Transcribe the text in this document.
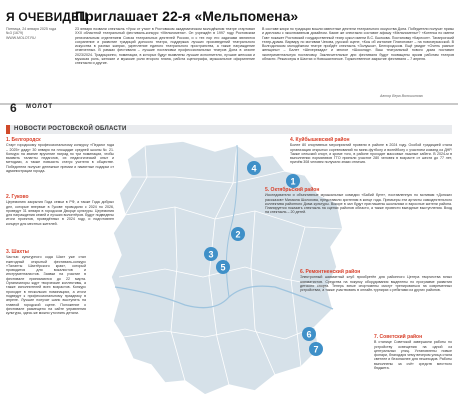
Я ОЧЕВИДЕЦ
Пятница, 24 января 2025 года
№3 (1679)
WWW.MOLOT.RU
Приглашает 22-я «Мельпомена»
23 января позвали спектакль «Урок от утки» в Ростовском академическом молодёжном театре стартовал XXII областной театральный фестиваль-конкурс «Мельпомена». Он учреждён в 1997 году Ростовским региональным отделением Союза театральных деятелей России, и с тех пор его задачами являются сохранение и развитие традиций донского театра, поддержка лучших произведений театрального искусства в разных жанрах, укрепление единого театрального пространства, а также награждение отмеченных. В рамках фестиваля – лучшие постановки профессиональных театров Дона в сезоне 2023/2024. Традиционно, номинации, в которых будут выявлены лучшие исполнители, лучшие женская и мужская роль, женские и мужские роли второго плана, работа сценографа, музыкальное оформление спектакля и другие.
В составе жюри по традиции вошли известные деятели театрального искусства Дона. Победители получат призы и дипломы с эксклюзивным дизайном. Какие же спектакли составят афишу «Мельпомены»? «Котенка по имени Гав» покажет Ростовский государственный театр кукол имени В.С. Былкова. Постановку «Карлсон». Таганрогский театр-драма. Варвару по мотивам Чехова, русской сцене, «Ксы об изгнание Платонова» – на новочеркасской. В Волгодонском молодёжном театре пройдёт спектакль «Золушка», Белгородском. Ещё увидят «Очень разные женщины» – Балет «Шехерезада» и многое «Шоколад». Ваш театральный нового дома поставил экспериментальную постановку. Заключительные дни фестиваля будут посвящены ярким работам театров области. Режиссеры в Шахтах и Новошахтинске. Торжественное закрытие фестиваля – 7 апреля.
Автор Вера Волошинова
6 МОЛОТ
НОВОСТИ РОСТОВСКОЙ ОБЛАСТИ
1
2
3
4
5
6
7
1. Белгородск
Старт городскому профессиональному конкурсу «Педагог года – 2025» дадут 30 января на площадке средней школы № 21. Конкурс на звание вручение наград по три номинации, чтобы выявить таланты педагогов, их педагогический опыт и методики, а также повысить статус учителя в обществе. Победители получат денежные премии и памятные подарки от администрации города.
2. Гуково
Церемонию закрытия Года семьи в РФ, а также Года добрых дел, которые впервые в Гукове проводили с 2024 по 2026, проведут 31 января в городском Дворце культуры. Церемония для награждения семей и лучших волонтёров. Будут подведены итоги проектов, проведённых в 2024 году, и подготовлен концерт для местных жителей.
3. Шахты
Частью культурного кода Шахт уже стал ежегодный открытый фестиваль-конкурс «Таланты Шахтёрского края», который проводится для вокалистов и инструменталистов. Заявки на участие в фестивале принимаются до 22 марта. Организаторы ждут творческие коллективы, а также исполнителей всех возрастов. Конкурс проходит в нескольких номинациях, а итоги подведут к профессиональному празднику в апреле. Лучшие получат шанс выступить на главной городской сцене. Положение о фестивале размещено на сайте управления культуры, здесь же можно уточнить детали.
4. Куйбышевский район
Более 80 спортивных мероприятий провели в районе в 2024 году. Особой традицией стала организация открытых соревнований по мини-футболу и волейболу с участием команд из ДНР. Также сельский спорт, и кроме того, в районе проходят массовые лыжные забеги. В 2024-м в выполнении нормативов ГТО приняли участие 280 человек в возрасте от шести до 77 лет, причём 308 человек получили знаки отличия.
5. Октябрьский район
Исследователи и объективные музыкальные комедии «Бабий бунт», поставленную по мотивам «Донских рассказов» Михаила Шолохова, представили зрителям в конце года. Премьеры эти артисты самодеятельного коллектива районного Дома культуры. Вскоре в зал будут приглашены школьники и взрослые жители района. Планируется показать спектакль на сценах районов области, а также провести выездные выступления. Вход на спектакль – 20 детей.
6. Ремонтненский район
Электронный шахматный клуб приобретён для районного Центра творчества юных шахматистов. Средства на покупку оборудования выделены по программе развития детского спорта. Теперь юные спортсмены смогут тренироваться на современных устройствах, а также участвовать в онлайн-турнирах с ребятами из других районов.
7. Советский район
В станице Советской завершили работы по устройству освещения на одной из центральных улиц. Установлены новые фонари, благодаря чему вечером улица стала светлее и безопаснее для пешеходов. Работы выполнены за счёт средств местного бюджета.
